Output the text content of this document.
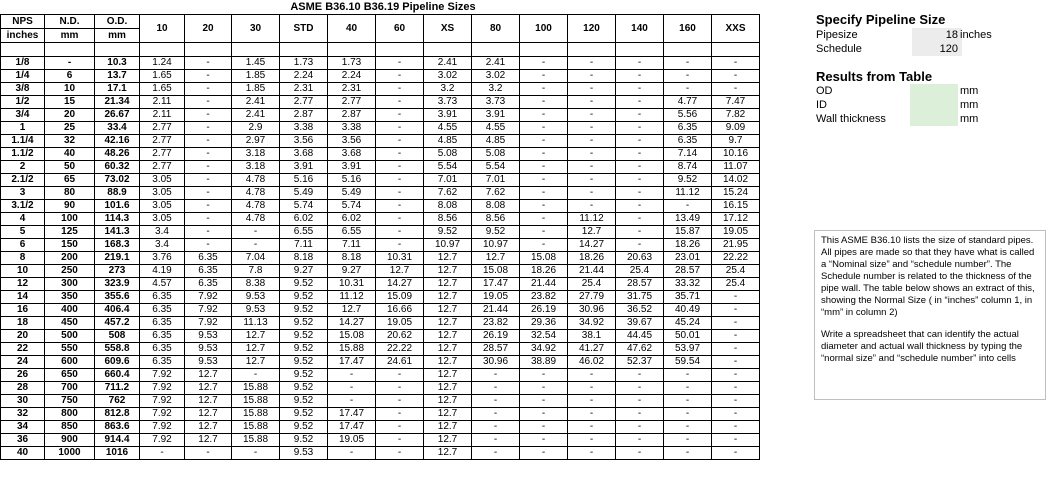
ASME B36.10 B36.19 Pipeline Sizes
NPS	N.D.	O.D.	10	20	30	STD	40	60	XS	80	100	120	140	160	XXS
inches	mm	mm													

1/8	-	10.3	1.24	-	1.45	1.73	1.73	-	2.41	2.41	-	-	-	-	-
1/4	6	13.7	1.65	-	1.85	2.24	2.24	-	3.02	3.02	-	-	-	-	-
3/8	10	17.1	1.65	-	1.85	2.31	2.31	-	3.2	3.2	-	-	-	-	-
1/2	15	21.34	2.11	-	2.41	2.77	2.77	-	3.73	3.73	-	-	-	4.77	7.47
3/4	20	26.67	2.11	-	2.41	2.87	2.87	-	3.91	3.91	-	-	-	5.56	7.82
1	25	33.4	2.77	-	2.9	3.38	3.38	-	4.55	4.55	-	-	-	6.35	9.09
1.1/4	32	42.16	2.77	-	2.97	3.56	3.56	-	4.85	4.85	-	-	-	6.35	9.7
1.1/2	40	48.26	2.77	-	3.18	3.68	3.68	-	5.08	5.08	-	-	-	7.14	10.16
2	50	60.32	2.77	-	3.18	3.91	3.91	-	5.54	5.54	-	-	-	8.74	11.07
2.1/2	65	73.02	3.05	-	4.78	5.16	5.16	-	7.01	7.01	-	-	-	9.52	14.02
3	80	88.9	3.05	-	4.78	5.49	5.49	-	7.62	7.62	-	-	-	11.12	15.24
3.1/2	90	101.6	3.05	-	4.78	5.74	5.74	-	8.08	8.08	-	-	-	-	16.15
4	100	114.3	3.05	-	4.78	6.02	6.02	-	8.56	8.56	-	11.12	-	13.49	17.12
5	125	141.3	3.4	-	-	6.55	6.55	-	9.52	9.52	-	12.7	-	15.87	19.05
6	150	168.3	3.4	-	-	7.11	7.11	-	10.97	10.97	-	14.27	-	18.26	21.95
8	200	219.1	3.76	6.35	7.04	8.18	8.18	10.31	12.7	12.7	15.08	18.26	20.63	23.01	22.22
10	250	273	4.19	6.35	7.8	9.27	9.27	12.7	12.7	15.08	18.26	21.44	25.4	28.57	25.4
12	300	323.9	4.57	6.35	8.38	9.52	10.31	14.27	12.7	17.47	21.44	25.4	28.57	33.32	25.4
14	350	355.6	6.35	7.92	9.53	9.52	11.12	15.09	12.7	19.05	23.82	27.79	31.75	35.71	-
16	400	406.4	6.35	7.92	9.53	9.52	12.7	16.66	12.7	21.44	26.19	30.96	36.52	40.49	-
18	450	457.2	6.35	7.92	11.13	9.52	14.27	19.05	12.7	23.82	29.36	34.92	39.67	45.24	-
20	500	508	6.35	9.53	12.7	9.52	15.08	20.62	12.7	26.19	32.54	38.1	44.45	50.01	-
22	550	558.8	6.35	9.53	12.7	9.52	15.88	22.22	12.7	28.57	34.92	41.27	47.62	53.97	-
24	600	609.6	6.35	9.53	12.7	9.52	17.47	24.61	12.7	30.96	38.89	46.02	52.37	59.54	-
26	650	660.4	7.92	12.7	-	9.52	-	-	12.7	-	-	-	-	-	-
28	700	711.2	7.92	12.7	15.88	9.52	-	-	12.7	-	-	-	-	-	-
30	750	762	7.92	12.7	15.88	9.52	-	-	12.7	-	-	-	-	-	-
32	800	812.8	7.92	12.7	15.88	9.52	17.47	-	12.7	-	-	-	-	-	-
34	850	863.6	7.92	12.7	15.88	9.52	17.47	-	12.7	-	-	-	-	-	-
36	900	914.4	7.92	12.7	15.88	9.52	19.05	-	12.7	-	-	-	-	-	-
40	1000	1016	-	-	-	9.53	-	-	12.7	-	-	-	-	-	-
Specify Pipeline Size
Pipesize	18 inches
Schedule	120
Results from Table
OD	mm
ID	mm
Wall thickness	mm

This ASME B36.10 lists the size of standard pipes. All pipes are made so that they have what is called a “Nominal size” and “schedule number”. The Schedule number is related to the thickness of the pipe wall. The table below shows an extract of this, showing the Normal Size ( in “inches” column 1, in “mm” in column 2)

Write a spreadsheet that can identify the actual diameter and actual wall thickness by typing the “normal size” and “schedule number” into cells
